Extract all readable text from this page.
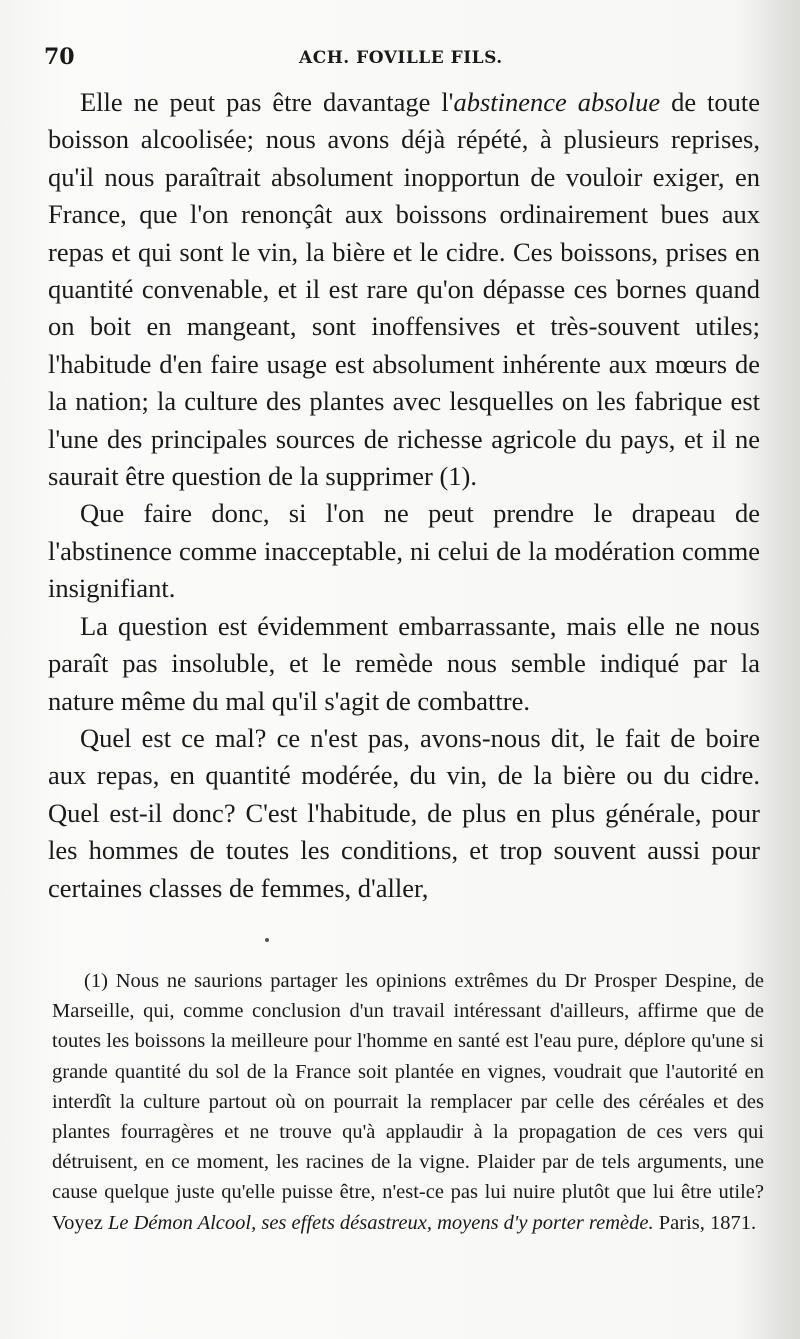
70	ACH. FOVILLE FILS.

Elle ne peut pas être davantage l'abstinence absolue de toute boisson alcoolisée; nous avons déjà répété, à plusieurs reprises, qu'il nous paraîtrait absolument inopportun de vouloir exiger, en France, que l'on renonçât aux boissons ordinairement bues aux repas et qui sont le vin, la bière et le cidre. Ces boissons, prises en quantité convenable, et il est rare qu'on dépasse ces bornes quand on boit en mangeant, sont inoffensives et très-souvent utiles; l'habitude d'en faire usage est absolument inhérente aux mœurs de la nation; la culture des plantes avec lesquelles on les fabrique est l'une des principales sources de richesse agricole du pays, et il ne saurait être question de la supprimer (1).

Que faire donc, si l'on ne peut prendre le drapeau de l'abstinence comme inacceptable, ni celui de la modération comme insignifiant.

La question est évidemment embarrassante, mais elle ne nous paraît pas insoluble, et le remède nous semble indiqué par la nature même du mal qu'il s'agit de combattre.

Quel est ce mal? ce n'est pas, avons-nous dit, le fait de boire aux repas, en quantité modérée, du vin, de la bière ou du cidre. Quel est-il donc? C'est l'habitude, de plus en plus générale, pour les hommes de toutes les conditions, et trop souvent aussi pour certaines classes de femmes, d'aller,

(1) Nous ne saurions partager les opinions extrêmes du Dr Prosper Despine, de Marseille, qui, comme conclusion d'un travail intéressant d'ailleurs, affirme que de toutes les boissons la meilleure pour l'homme en santé est l'eau pure, déplore qu'une si grande quantité du sol de la France soit plantée en vignes, voudrait que l'autorité en interdît la culture partout où on pourrait la remplacer par celle des céréales et des plantes fourragères et ne trouve qu'à applaudir à la propagation de ces vers qui détruisent, en ce moment, les racines de la vigne. Plaider par de tels arguments, une cause quelque juste qu'elle puisse être, n'est-ce pas lui nuire plutôt que lui être utile? Voyez Le Démon Alcool, ses effets désastreux, moyens d'y porter remède. Paris, 1871.
